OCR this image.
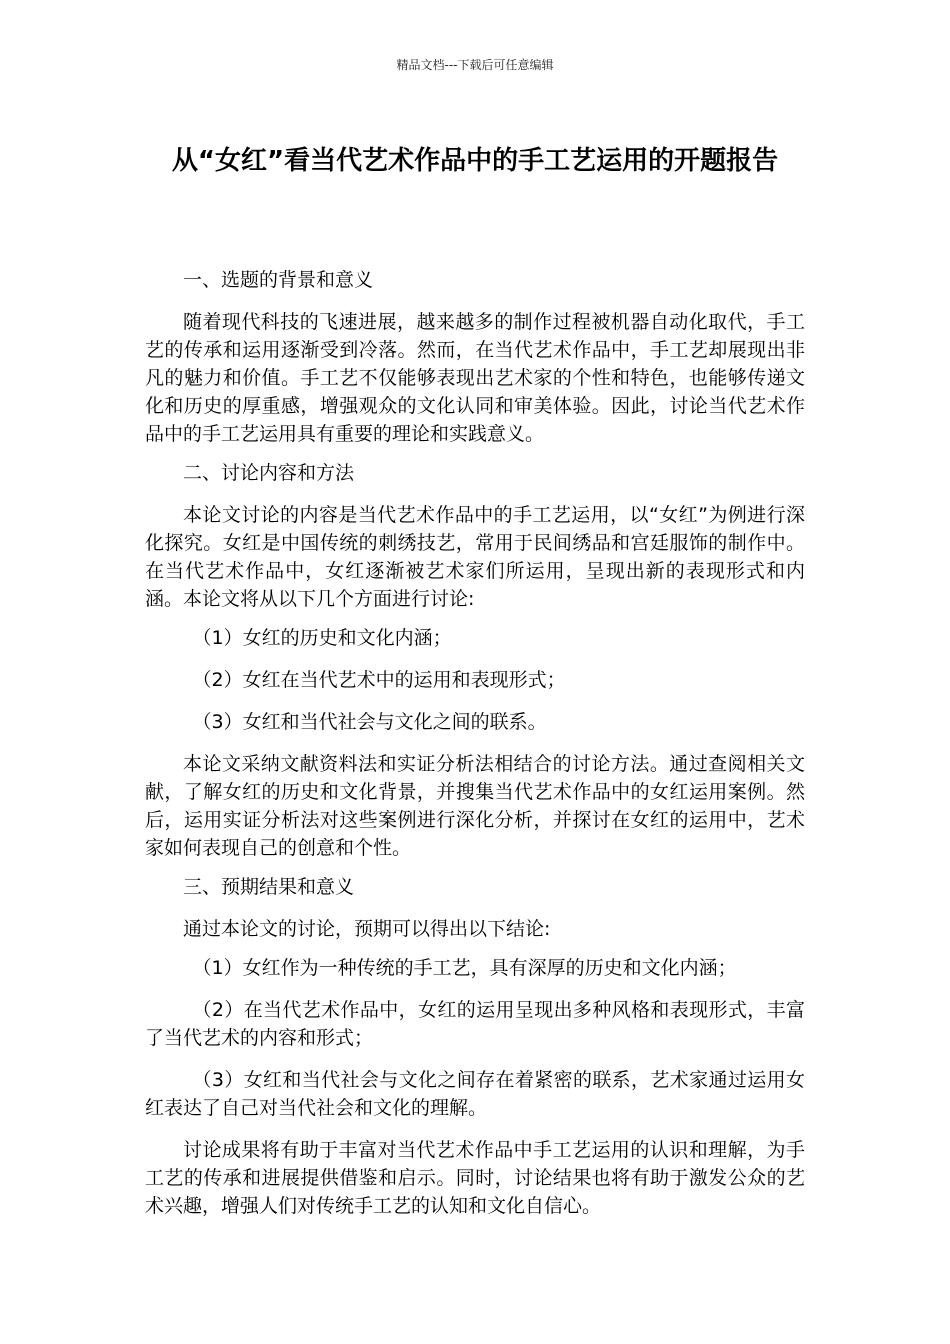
精品文档---下载后可任意编辑
从“女红”看当代艺术作品中的手工艺运用的开题报告

一、选题的背景和意义

随着现代科技的飞速进展，越来越多的制作过程被机器自动化取代，手工艺的传承和运用逐渐受到冷落。然而，在当代艺术作品中，手工艺却展现出非凡的魅力和价值。手工艺不仅能够表现出艺术家的个性和特色，也能够传递文化和历史的厚重感，增强观众的文化认同和审美体验。因此，讨论当代艺术作品中的手工艺运用具有重要的理论和实践意义。

二、讨论内容和方法

本论文讨论的内容是当代艺术作品中的手工艺运用，以“女红”为例进行深化探究。女红是中国传统的刺绣技艺，常用于民间绣品和宫廷服饰的制作中。在当代艺术作品中，女红逐渐被艺术家们所运用，呈现出新的表现形式和内涵。本论文将从以下几个方面进行讨论:

（1）女红的历史和文化内涵；

（2）女红在当代艺术中的运用和表现形式；

（3）女红和当代社会与文化之间的联系。

本论文采纳文献资料法和实证分析法相结合的讨论方法。通过查阅相关文献，了解女红的历史和文化背景，并搜集当代艺术作品中的女红运用案例。然后，运用实证分析法对这些案例进行深化分析，并探讨在女红的运用中，艺术家如何表现自己的创意和个性。

三、预期结果和意义

通过本论文的讨论，预期可以得出以下结论:

（1）女红作为一种传统的手工艺，具有深厚的历史和文化内涵；

（2）在当代艺术作品中，女红的运用呈现出多种风格和表现形式，丰富了当代艺术的内容和形式；

（3）女红和当代社会与文化之间存在着紧密的联系，艺术家通过运用女红表达了自己对当代社会和文化的理解。

讨论成果将有助于丰富对当代艺术作品中手工艺运用的认识和理解，为手工艺的传承和进展提供借鉴和启示。同时，讨论结果也将有助于激发公众的艺术兴趣，增强人们对传统手工艺的认知和文化自信心。
